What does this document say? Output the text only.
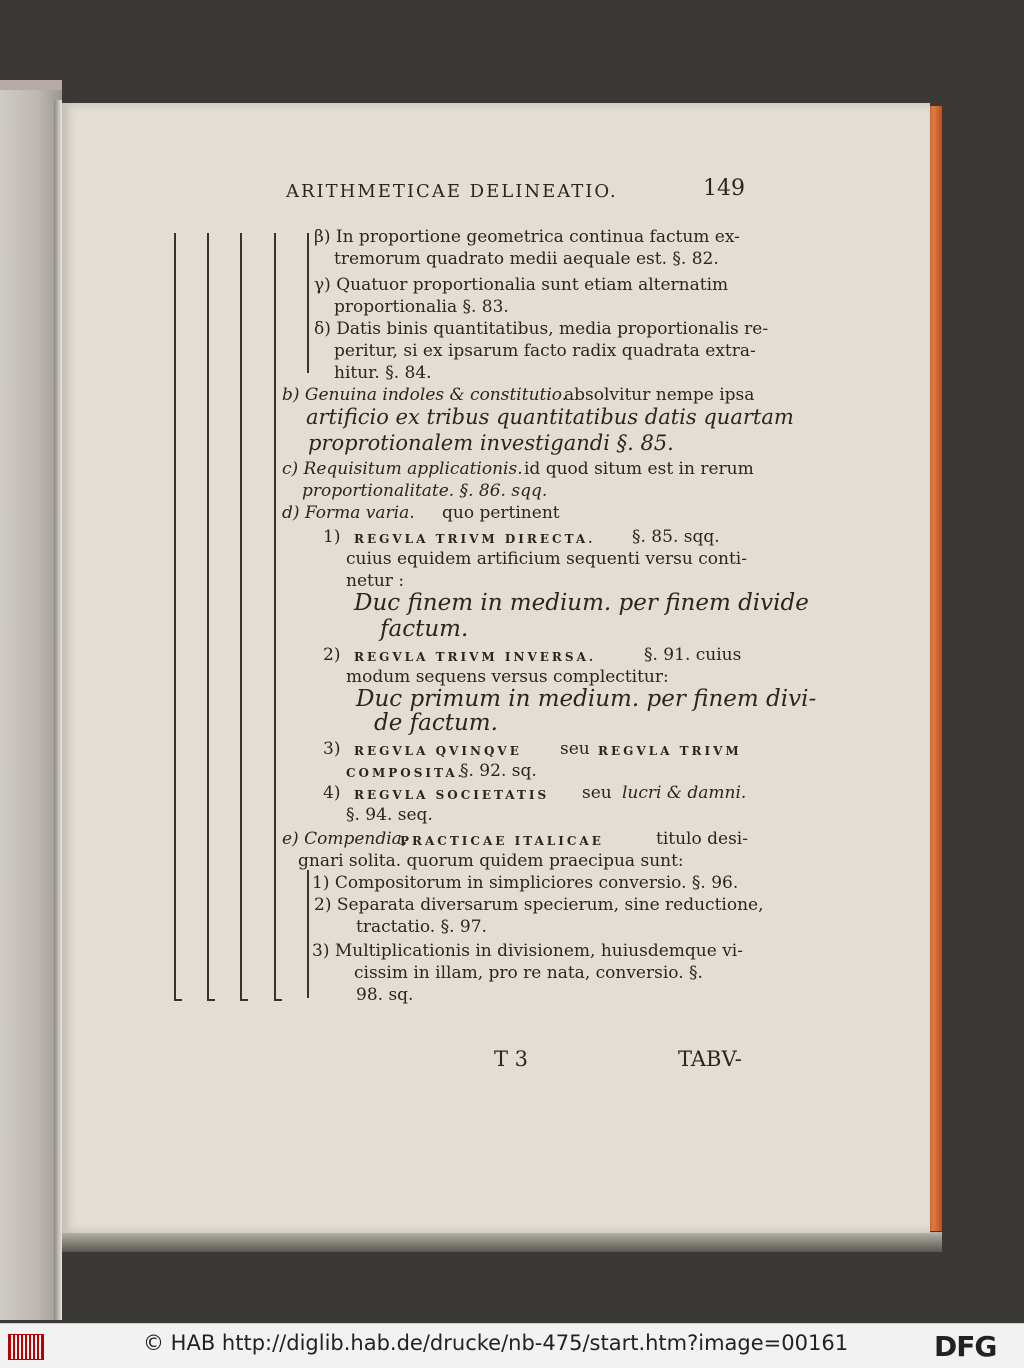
ARITHMETICAE DELINEATIO.	149
β) In proportione geometrica continua factum ex-
tremorum quadrato medii aequale est. §. 82.
γ) Quatuor proportionalia sunt etiam alternatim
proportionalia §. 83.
δ) Datis binis quantitatibus, media proportionalis re-
peritur, si ex ipsarum facto radix quadrata extra-
hitur. §. 84.
b) Genuina indoles & constitutio.
absolvitur nempe ipsa
artificio ex tribus quantitatibus datis quartam
proprotionalem investigandi §. 85.
c) Requisitum applicationis. id quod situm est in rerum
proportionalitate. §. 86. sqq.
d) Forma varia. quo pertinent
1) REGVLA TRIVM DIRECTA. §. 85. sqq.
cuius equidem artificium sequenti versu conti-
netur :
Duc finem in medium. per finem divide
factum.
2) REGVLA TRIVM INVERSA.	§. 91. cuius
modum sequens versus complectitur:
Duc primum in medium. per finem divi-
de factum.
3) REGVLA QVINQVE seu REGVLA TRIVM
COMPOSITA.
§. 92. sq.
4) REGVLA SOCIETATIS seu lucri & damni.
§. 94. seq.
e) Compendia,
PRACTICAE ITALICAE	titulo desi-
gnari solita. quorum quidem praecipua sunt:
1) Compositorum in simpliciores conversio. §. 96.
2) Separata diversarum specierum, sine reductione,
tractatio. §. 97.
3) Multiplicationis in divisionem, huiusdemque vi-
cissim in illam, pro re nata, conversio. §.
98. sq.
T 3	TABV-
© HAB http://diglib.hab.de/drucke/nb-475/start.htm?image=00161	DFG
